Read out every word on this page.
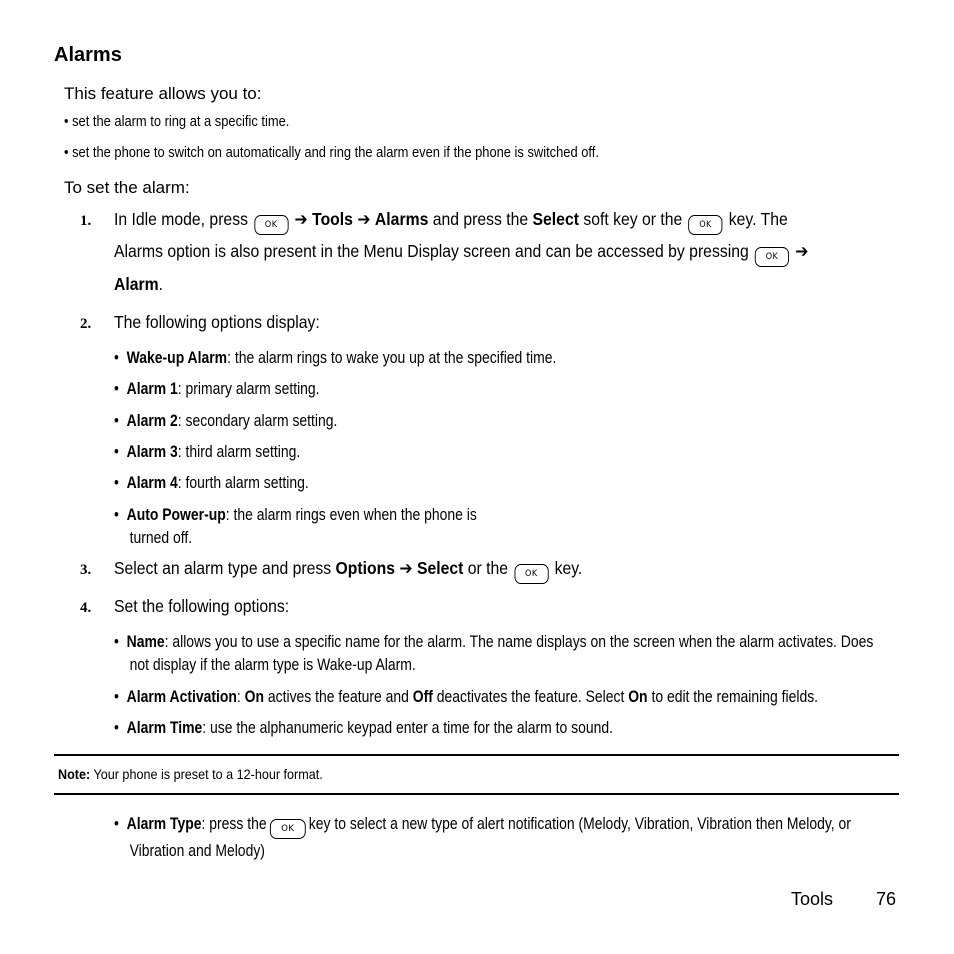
Alarms
This feature allows you to:
• set the alarm to ring at a specific time.
• set the phone to switch on automatically and ring the alarm even if the phone is switched off.
To set the alarm:
1. In Idle mode, press OK ➔ Tools ➔ Alarms and press the Select soft key or the OK key. The
Alarms option is also present in the Menu Display screen and can be accessed by pressing OK ➔
Alarm.
2. The following options display:
•  Wake-up Alarm: the alarm rings to wake you up at the specified time.
•  Alarm 1: primary alarm setting.
•  Alarm 2: secondary alarm setting.
•  Alarm 3: third alarm setting.
•  Alarm 4: fourth alarm setting.
•  Auto Power-up: the alarm rings even when the phone is
turned off.
3. Select an alarm type and press Options ➔ Select or the OK key.
4. Set the following options:
•  Name: allows you to use a specific name for the alarm. The name displays on the screen when the alarm activates. Does
not display if the alarm type is Wake-up Alarm.
•  Alarm Activation: On actives the feature and Off deactivates the feature. Select On to edit the remaining fields.
•  Alarm Time: use the alphanumeric keypad enter a time for the alarm to sound.
Note: Your phone is preset to a 12-hour format.
•  Alarm Type: press the OK key to select a new type of alert notification (Melody, Vibration, Vibration then Melody, or
Vibration and Melody)
Tools 76
